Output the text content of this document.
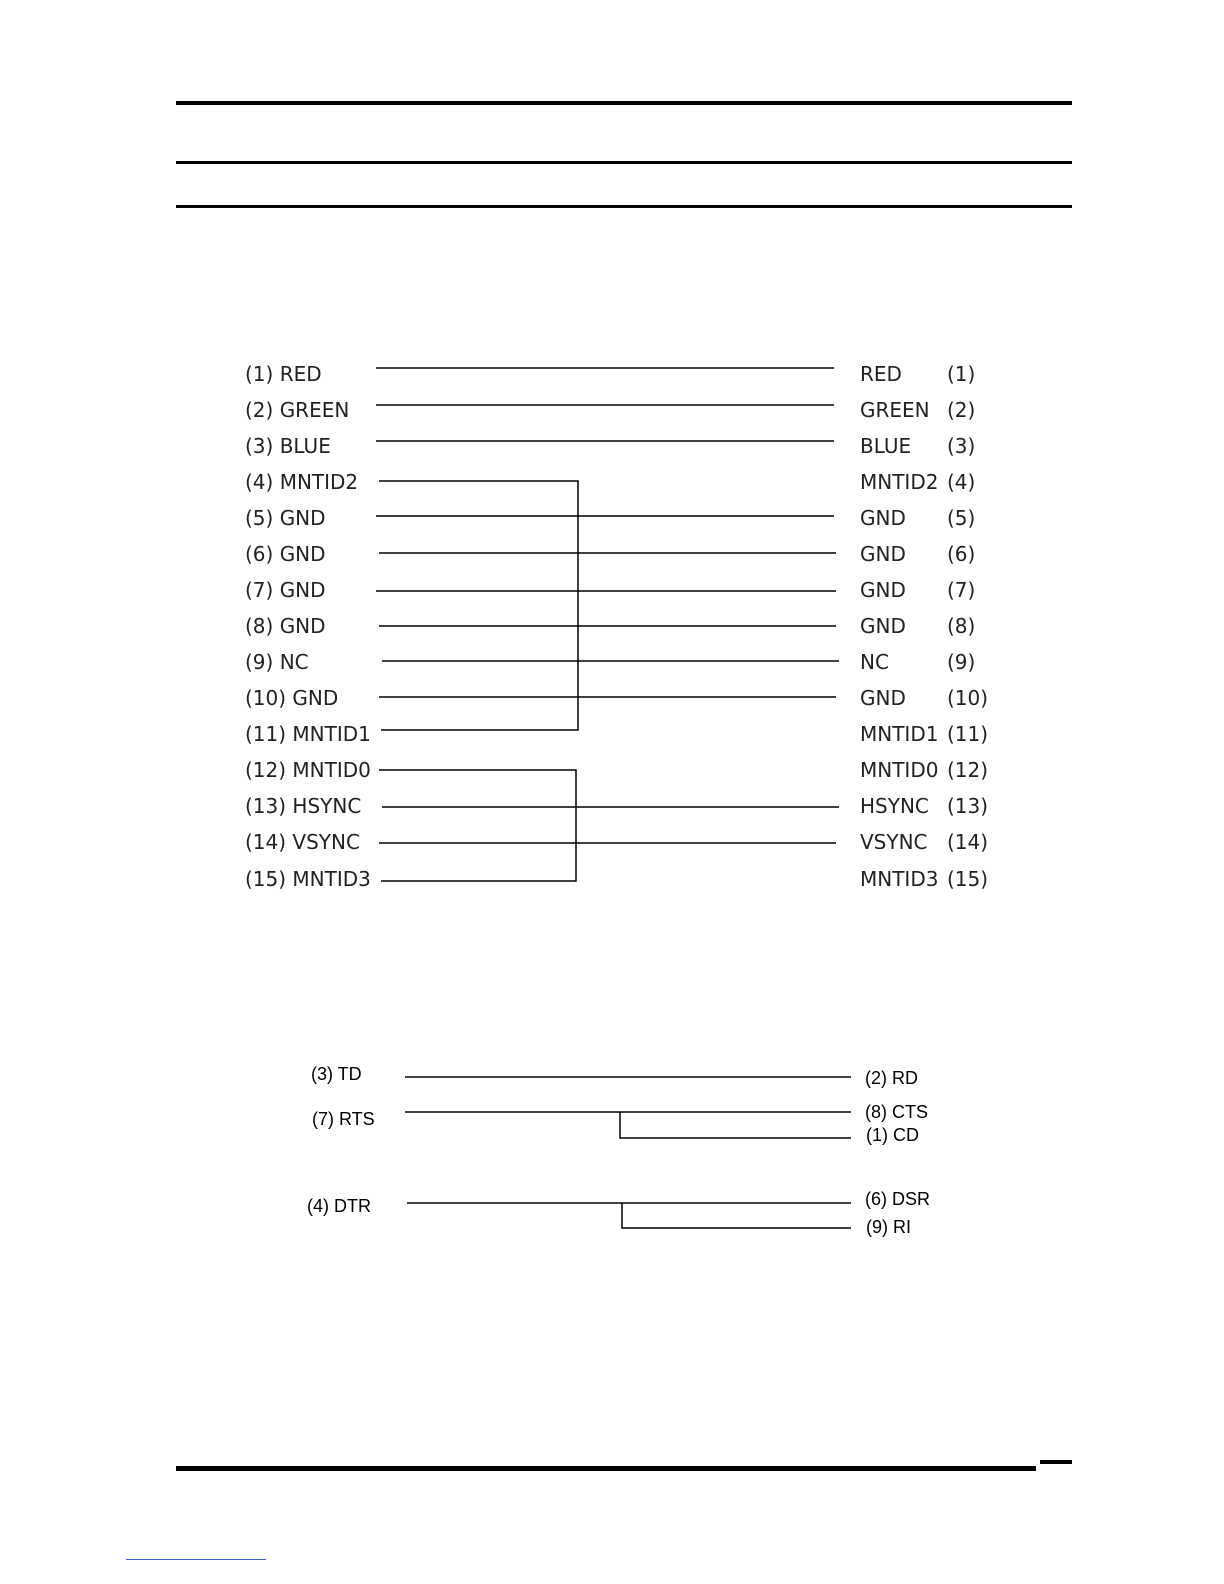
(1) RED
(2) GREEN
(3) BLUE
(4) MNTID2
(5) GND
(6) GND
(7) GND
(8) GND
(9) NC
(10) GND
(11) MNTID1
(12) MNTID0
(13) HSYNC
(14) VSYNC
(15) MNTID3
RED
GREEN
BLUE
MNTID2
GND
GND
GND
GND
NC
GND
MNTID1
MNTID0
HSYNC
VSYNC
MNTID3
(1)
(2)
(3)
(4)
(5)
(6)
(7)
(8)
(9)
(10)
(11)
(12)
(13)
(14)
(15)
(3) TD
(7) RTS
(4) DTR
(2) RD
(8) CTS
(1) CD
(6) DSR
(9) RI
